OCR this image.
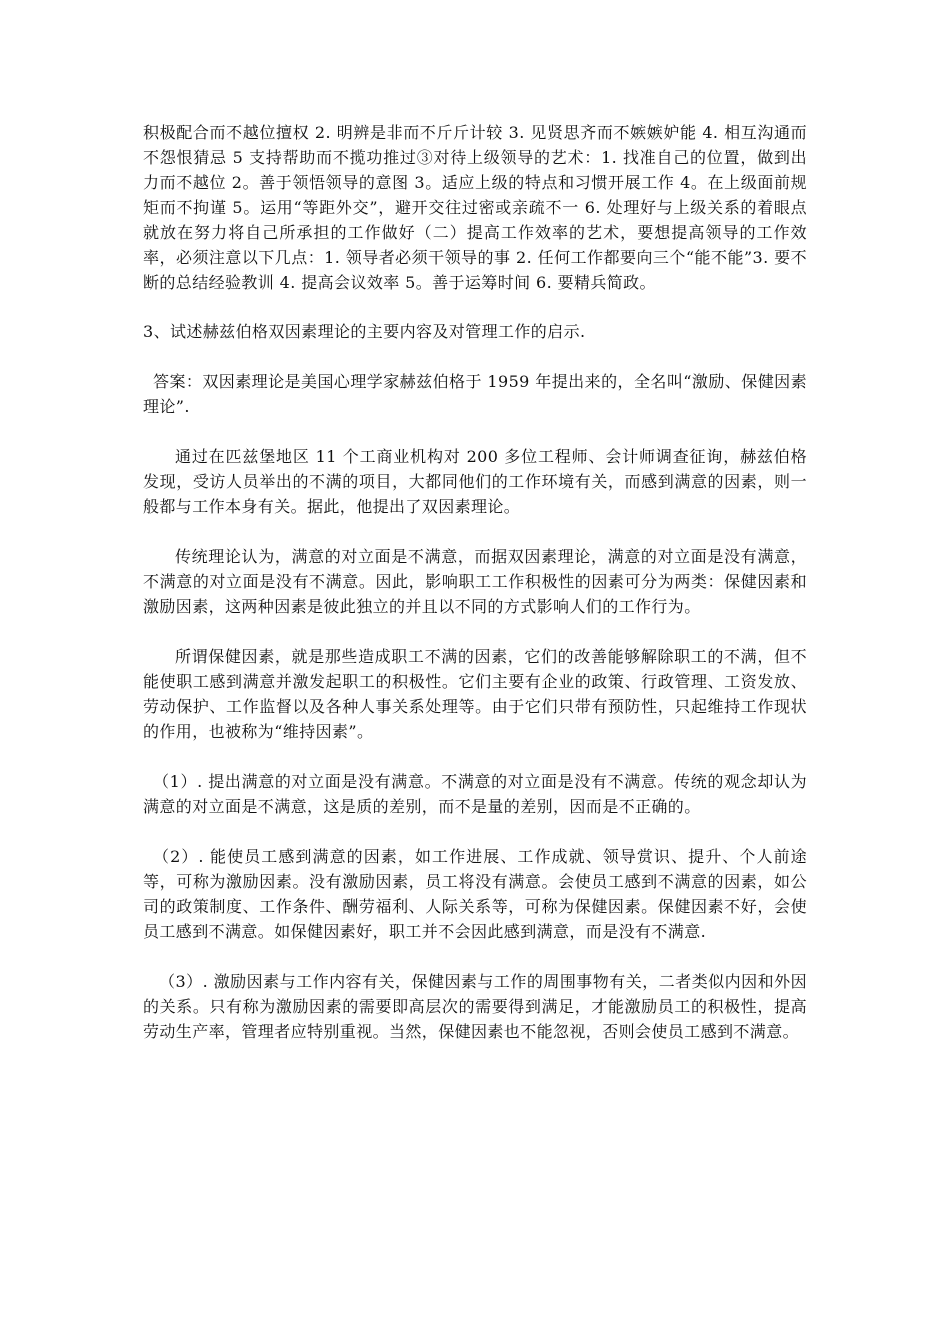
积极配合而不越位擅权 2. 明辨是非而不斤斤计较 3. 见贤思齐而不嫉嫉妒能 4. 相互沟通而不怨恨猜忌 5 支持帮助而不揽功推过③对待上级领导的艺术：1. 找准自己的位置，做到出力而不越位 2。善于领悟领导的意图 3。适应上级的特点和习惯开展工作 4。在上级面前规矩而不拘谨 5。运用“等距外交”，避开交往过密或亲疏不一 6. 处理好与上级关系的着眼点就放在努力将自己所承担的工作做好（二）提高工作效率的艺术，要想提高领导的工作效率，必须注意以下几点：1. 领导者必须干领导的事 2. 任何工作都要向三个“能不能”3. 要不断的总结经验教训 4. 提高会议效率 5。善于运筹时间 6. 要精兵简政。

3、试述赫兹伯格双因素理论的主要内容及对管理工作的启示.

答案：双因素理论是美国心理学家赫兹伯格于 1959 年提出来的，全名叫“激励、保健因素理论”.

通过在匹兹堡地区 11 个工商业机构对 200 多位工程师、会计师调查征询，赫兹伯格发现，受访人员举出的不满的项目，大都同他们的工作环境有关，而感到满意的因素，则一般都与工作本身有关。据此，他提出了双因素理论。

传统理论认为，满意的对立面是不满意，而据双因素理论，满意的对立面是没有满意，不满意的对立面是没有不满意。因此，影响职工工作积极性的因素可分为两类：保健因素和激励因素，这两种因素是彼此独立的并且以不同的方式影响人们的工作行为。

所谓保健因素，就是那些造成职工不满的因素，它们的改善能够解除职工的不满，但不能使职工感到满意并激发起职工的积极性。它们主要有企业的政策、行政管理、工资发放、劳动保护、工作监督以及各种人事关系处理等。由于它们只带有预防性，只起维持工作现状的作用，也被称为“维持因素”。

（1）. 提出满意的对立面是没有满意。不满意的对立面是没有不满意。传统的观念却认为满意的对立面是不满意，这是质的差别，而不是量的差别，因而是不正确的。

（2）. 能使员工感到满意的因素，如工作进展、工作成就、领导赏识、提升、个人前途等，可称为激励因素。没有激励因素，员工将没有满意。会使员工感到不满意的因素，如公司的政策制度、工作条件、酬劳福利、人际关系等，可称为保健因素。保健因素不好，会使员工感到不满意。如保健因素好，职工并不会因此感到满意，而是没有不满意.

（3）. 激励因素与工作内容有关，保健因素与工作的周围事物有关，二者类似内因和外因的关系。只有称为激励因素的需要即高层次的需要得到满足，才能激励员工的积极性，提高劳动生产率，管理者应特别重视。当然，保健因素也不能忽视，否则会使员工感到不满意。
